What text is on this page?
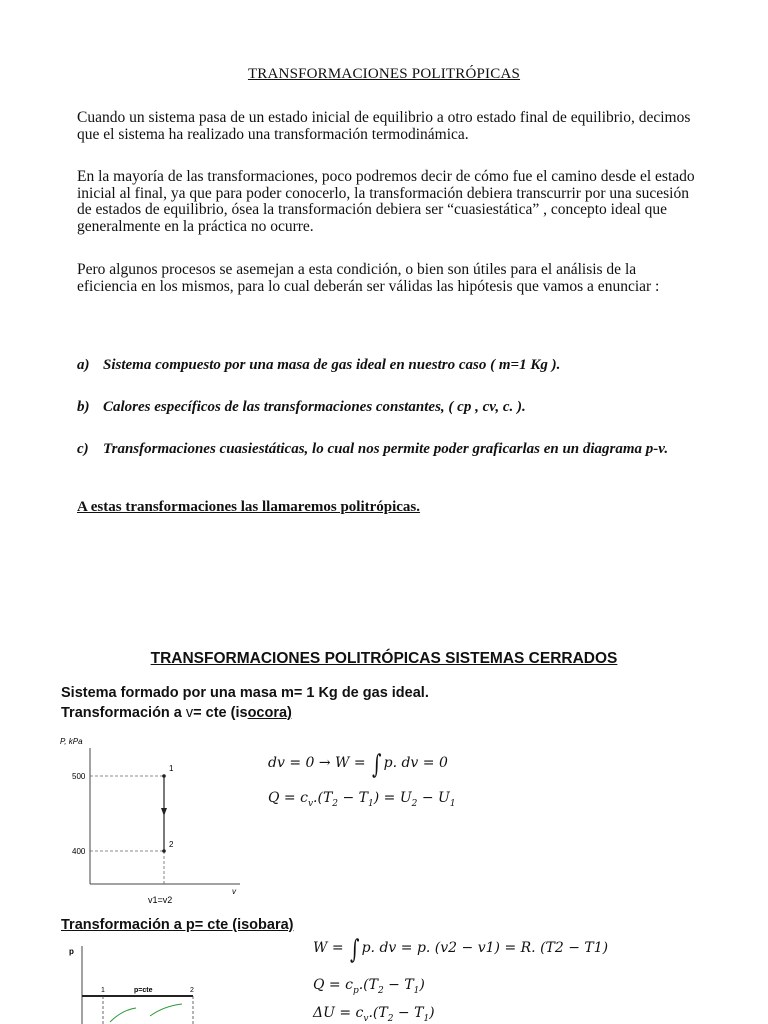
TRANSFORMACIONES POLITRÓPICAS
Cuando un sistema pasa de un estado inicial de equilibrio a otro estado final de equilibrio, decimos que el sistema ha realizado una transformación termodinámica.
En la mayoría de las transformaciones, poco podremos decir de cómo fue el camino desde el estado inicial al final, ya que para poder conocerlo, la transformación debiera transcurrir por una sucesión de estados de equilibrio, ósea la transformación debiera ser “cuasiestática” , concepto ideal que generalmente en la práctica no ocurre.
Pero algunos procesos se asemejan a esta condición, o bien son útiles para el análisis de la eficiencia en los mismos, para lo cual deberán ser válidas las hipótesis que vamos a enunciar :
a) Sistema compuesto por una masa de gas ideal en nuestro caso ( m=1 Kg ).
b) Calores específicos de las transformaciones constantes, ( cp , cv, c. ).
c) Transformaciones cuasiestáticas, lo cual nos permite poder graficarlas en un diagrama p-v.
A estas transformaciones las llamaremos politrópicas.
TRANSFORMACIONES POLITRÓPICAS SISTEMAS CERRADOS
Sistema formado por una masa m= 1 Kg de gas ideal.
Transformación a v= cte (isocora)
P, kPa
v
500
400
1
2
v1=v2
dv = 0 → W = ∫ p. dv = 0
$Q = c_v.(T_2 - T_1) = U_2 - U_1$
Transformación a p= cte (isobara)
p
p=cte
1	2
W = ∫ p. dv = p. (v2 − v1) = R. (T2 − T1)
$Q = c_p.(T_2 - T_1)$
$\Delta U = c_v.(T_2 - T_1)$
